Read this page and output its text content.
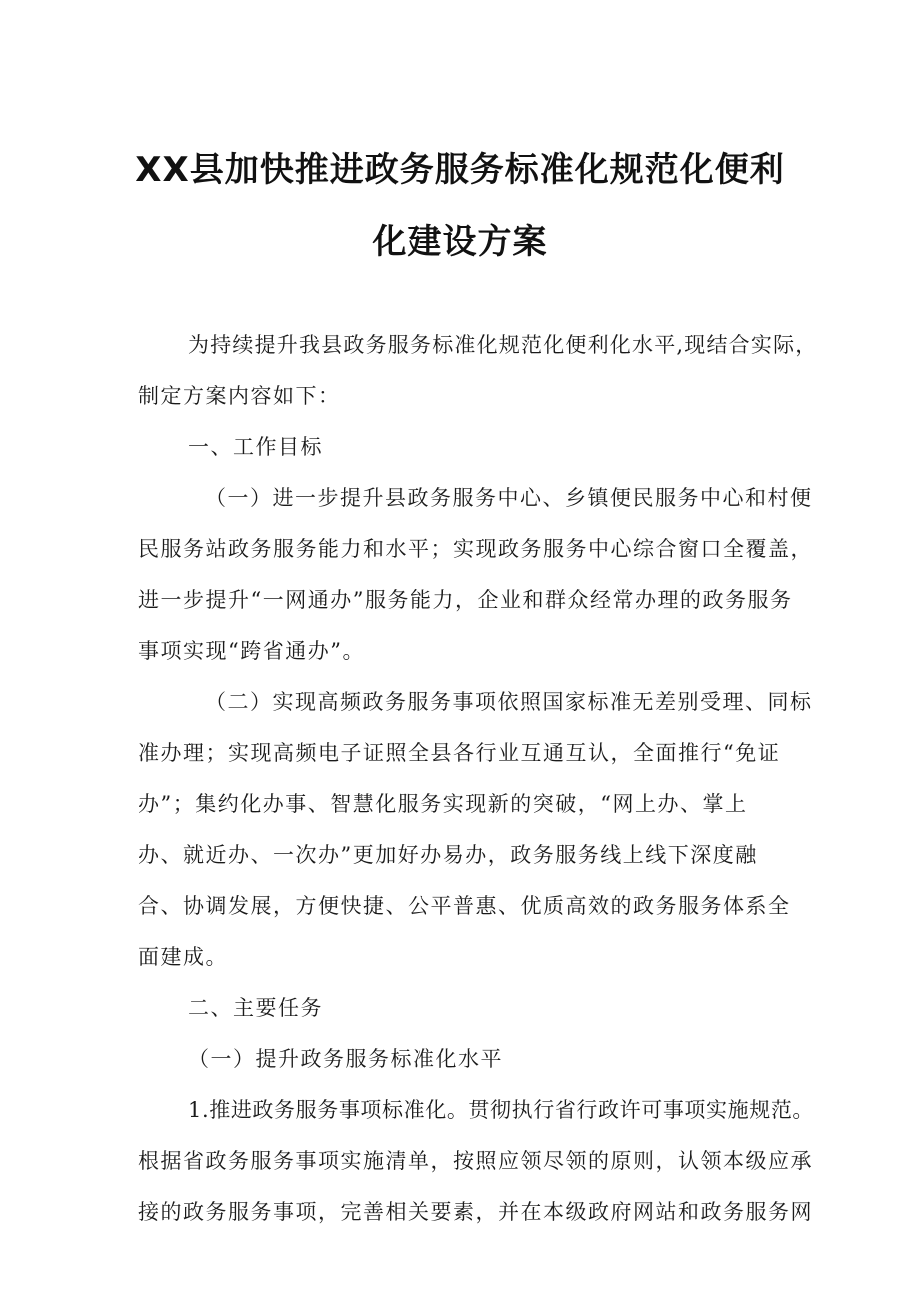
XX县加快推进政务服务标准化规范化便利
化建设方案
为持续提升我县政务服务标准化规范化便利化水平,现结合实际，
制定方案内容如下：
一、工作目标
（一）进一步提升县政务服务中心、乡镇便民服务中心和村便
民服务站政务服务能力和水平；实现政务服务中心综合窗口全覆盖，
进一步提升“一网通办”服务能力，企业和群众经常办理的政务服务
事项实现“跨省通办”。
（二）实现高频政务服务事项依照国家标准无差别受理、同标
准办理；实现高频电子证照全县各行业互通互认，全面推行“免证
办”；集约化办事、智慧化服务实现新的突破，“网上办、掌上
办、就近办、一次办”更加好办易办，政务服务线上线下深度融
合、协调发展，方便快捷、公平普惠、优质高效的政务服务体系全
面建成。
二、主要任务
（一）提升政务服务标准化水平
1.推进政务服务事项标准化。贯彻执行省行政许可事项实施规范。
根据省政务服务事项实施清单，按照应领尽领的原则，认领本级应承
接的政务服务事项，完善相关要素，并在本级政府网站和政务服务网
